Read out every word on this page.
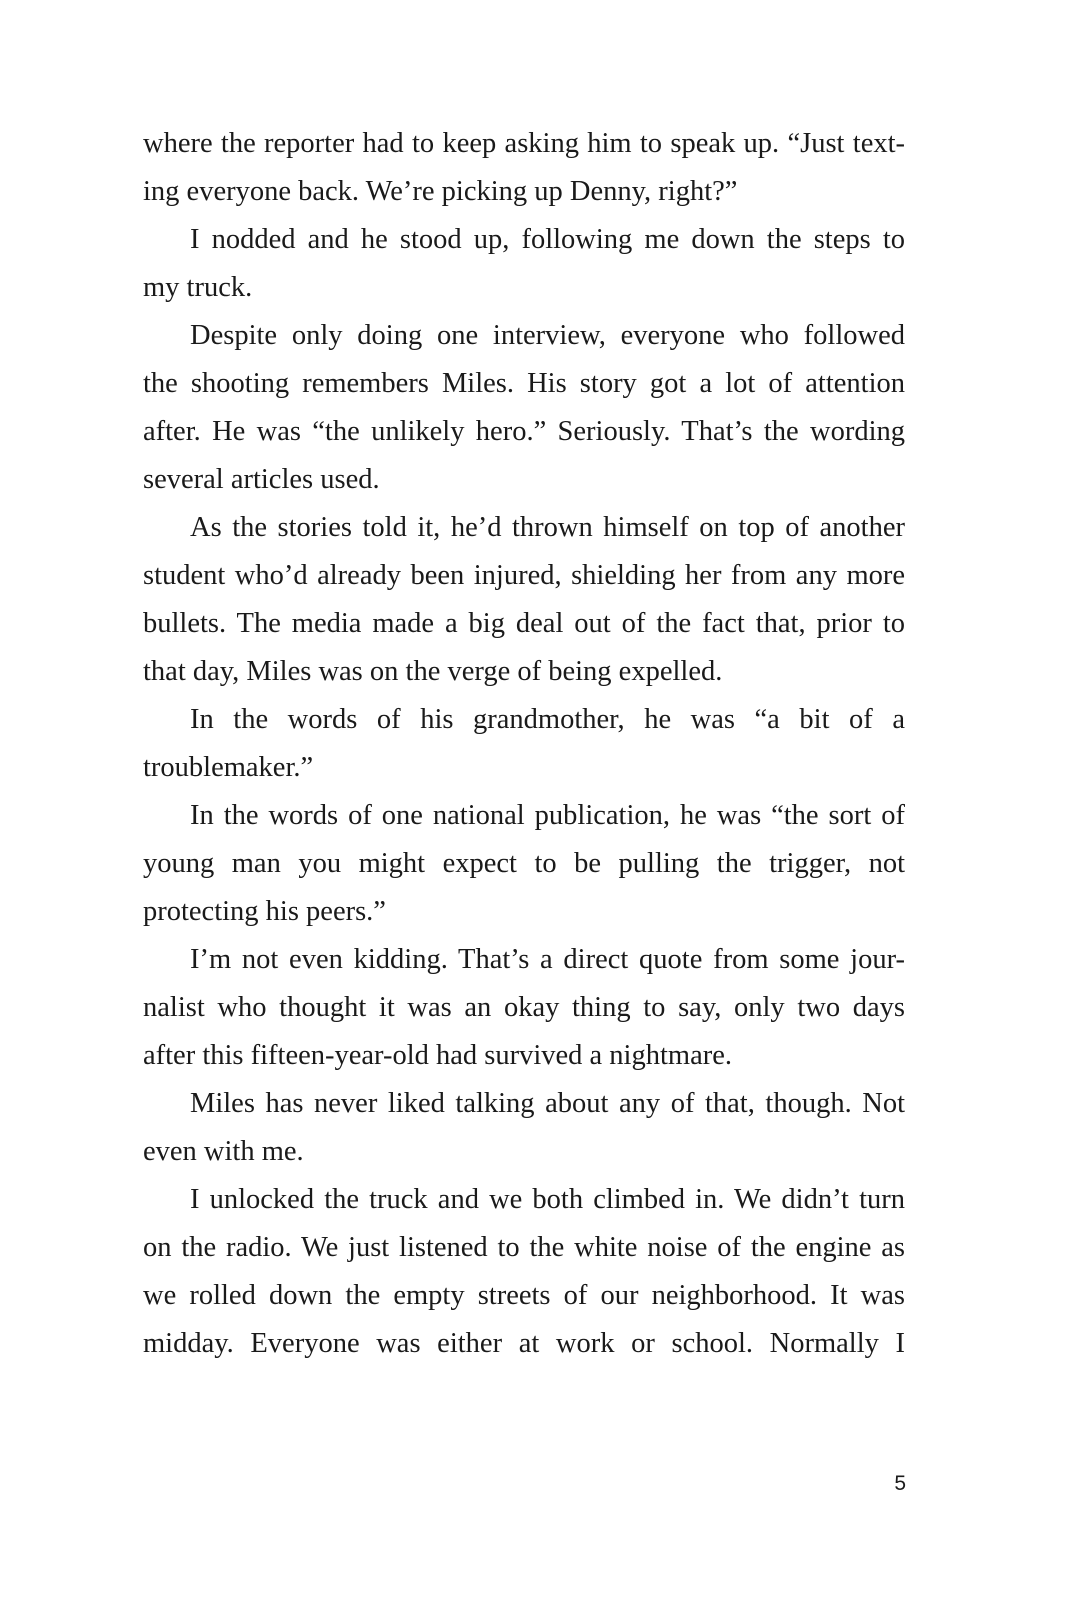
where the reporter had to keep asking him to speak up. “Just text-
ing everyone back. We’re picking up Denny, right?”
I nodded and he stood up, following me down the steps to
my truck.
Despite only doing one interview, everyone who followed
the shooting remembers Miles. His story got a lot of attention
after. He was “the unlikely hero.” Seriously. That’s the wording
several articles used.
As the stories told it, he’d thrown himself on top of another
student who’d already been injured, shielding her from any more
bullets. The media made a big deal out of the fact that, prior to
that day, Miles was on the verge of being expelled.
In the words of his grandmother, he was “a bit of a
troublemaker.”
In the words of one national publication, he was “the sort of
young man you might expect to be pulling the trigger, not
protecting his peers.”
I’m not even kidding. That’s a direct quote from some jour-
nalist who thought it was an okay thing to say, only two days
after this fifteen-year-old had survived a nightmare.
Miles has never liked talking about any of that, though. Not
even with me.
I unlocked the truck and we both climbed in. We didn’t turn
on the radio. We just listened to the white noise of the engine as
we rolled down the empty streets of our neighborhood. It was
midday. Everyone was either at work or school. Normally I
5
